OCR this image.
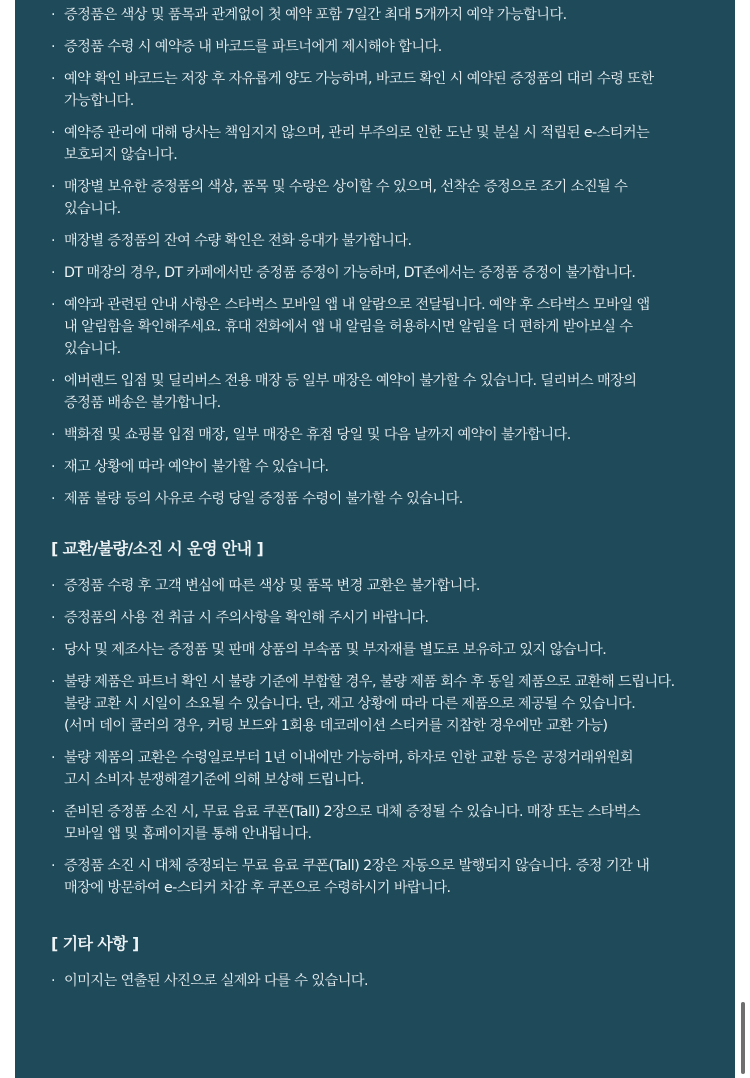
· 증정품은 색상 및 품목과 관계없이 첫 예약 포함 7일간 최대 5개까지 예약 가능합니다.
· 증정품 수령 시 예약증 내 바코드를 파트너에게 제시해야 합니다.
· 예약 확인 바코드는 저장 후 자유롭게 양도 가능하며, 바코드 확인 시 예약된 증정품의 대리 수령 또한
가능합니다.
· 예약증 관리에 대해 당사는 책임지지 않으며, 관리 부주의로 인한 도난 및 분실 시 적립된 e-스티커는
보호되지 않습니다.
· 매장별 보유한 증정품의 색상, 품목 및 수량은 상이할 수 있으며, 선착순 증정으로 조기 소진될 수
있습니다.
· 매장별 증정품의 잔여 수량 확인은 전화 응대가 불가합니다.
· DT 매장의 경우, DT 카페에서만 증정품 증정이 가능하며, DT존에서는 증정품 증정이 불가합니다.
· 예약과 관련된 안내 사항은 스타벅스 모바일 앱 내 알람으로 전달됩니다. 예약 후 스타벅스 모바일 앱
내 알림함을 확인해주세요. 휴대 전화에서 앱 내 알림을 허용하시면 알림을 더 편하게 받아보실 수
있습니다.
· 에버랜드 입점 및 딜리버스 전용 매장 등 일부 매장은 예약이 불가할 수 있습니다. 딜리버스 매장의
증정품 배송은 불가합니다.
· 백화점 및 쇼핑몰 입점 매장, 일부 매장은 휴점 당일 및 다음 날까지 예약이 불가합니다.
· 재고 상황에 따라 예약이 불가할 수 있습니다.
· 제품 불량 등의 사유로 수령 당일 증정품 수령이 불가할 수 있습니다.
[ 교환/불량/소진 시 운영 안내 ]
· 증정품 수령 후 고객 변심에 따른 색상 및 품목 변경 교환은 불가합니다.
· 증정품의 사용 전 취급 시 주의사항을 확인해 주시기 바랍니다.
· 당사 및 제조사는 증정품 및 판매 상품의 부속품 및 부자재를 별도로 보유하고 있지 않습니다.
· 불량 제품은 파트너 확인 시 불량 기준에 부합할 경우, 불량 제품 회수 후 동일 제품으로 교환해 드립니다.
불량 교환 시 시일이 소요될 수 있습니다. 단, 재고 상황에 따라 다른 제품으로 제공될 수 있습니다.
(서머 데이 쿨러의 경우, 커팅 보드와 1회용 데코레이션 스티커를 지참한 경우에만 교환 가능)
· 불량 제품의 교환은 수령일로부터 1년 이내에만 가능하며, 하자로 인한 교환 등은 공정거래위원회
고시 소비자 분쟁해결기준에 의해 보상해 드립니다.
· 준비된 증정품 소진 시, 무료 음료 쿠폰(Tall) 2장으로 대체 증정될 수 있습니다. 매장 또는 스타벅스
모바일 앱 및 홈페이지를 통해 안내됩니다.
· 증정품 소진 시 대체 증정되는 무료 음료 쿠폰(Tall) 2장은 자동으로 발행되지 않습니다. 증정 기간 내
매장에 방문하여 e-스티커 차감 후 쿠폰으로 수령하시기 바랍니다.
[ 기타 사항 ]
· 이미지는 연출된 사진으로 실제와 다를 수 있습니다.
